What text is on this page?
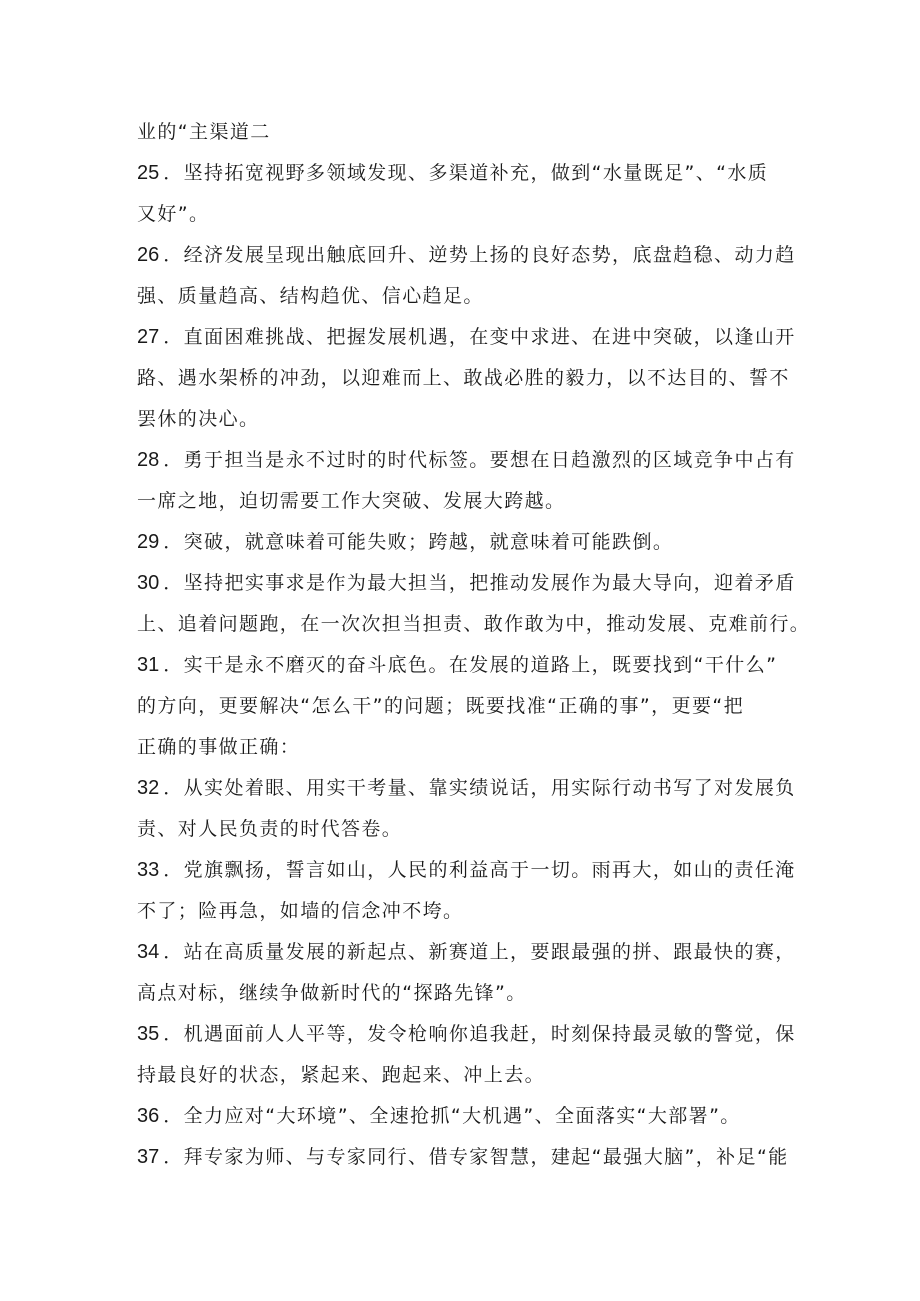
业的“主渠道二
25 ．坚持拓宽视野多领域发现、多渠道补充，做到“水量既足”、“水质
又好”。
26 ．经济发展呈现出触底回升、逆势上扬的良好态势，底盘趋稳、动力趋
强、质量趋高、结构趋优、信心趋足。
27 ．直面困难挑战、把握发展机遇，在变中求进、在进中突破，以逢山开
路、遇水架桥的冲劲，以迎难而上、敢战必胜的毅力，以不达目的、誓不
罢休的决心。
28 ．勇于担当是永不过时的时代标签。要想在日趋激烈的区域竞争中占有
一席之地，迫切需要工作大突破、发展大跨越。
29 ．突破，就意味着可能失败；跨越，就意味着可能跌倒。
30 ．坚持把实事求是作为最大担当，把推动发展作为最大导向，迎着矛盾
上、追着问题跑，在一次次担当担责、敢作敢为中，推动发展、克难前行。
31 ．实干是永不磨灭的奋斗底色。在发展的道路上，既要找到“干什么”
的方向，更要解决“怎么干”的问题；既要找准“正确的事”，更要“把
正确的事做正确：
32 ．从实处着眼、用实干考量、靠实绩说话，用实际行动书写了对发展负
责、对人民负责的时代答卷。
33 ．党旗飘扬，誓言如山，人民的利益高于一切。雨再大，如山的责任淹
不了；险再急，如墙的信念冲不垮。
34 ．站在高质量发展的新起点、新赛道上，要跟最强的拼、跟最快的赛，
高点对标，继续争做新时代的“探路先锋”。
35 ．机遇面前人人平等，发令枪响你追我赶，时刻保持最灵敏的警觉，保
持最良好的状态，紧起来、跑起来、冲上去。
36 ．全力应对“大环境”、全速抢抓“大机遇”、全面落实“大部署”。
37 ．拜专家为师、与专家同行、借专家智慧，建起“最强大脑”，补足“能
